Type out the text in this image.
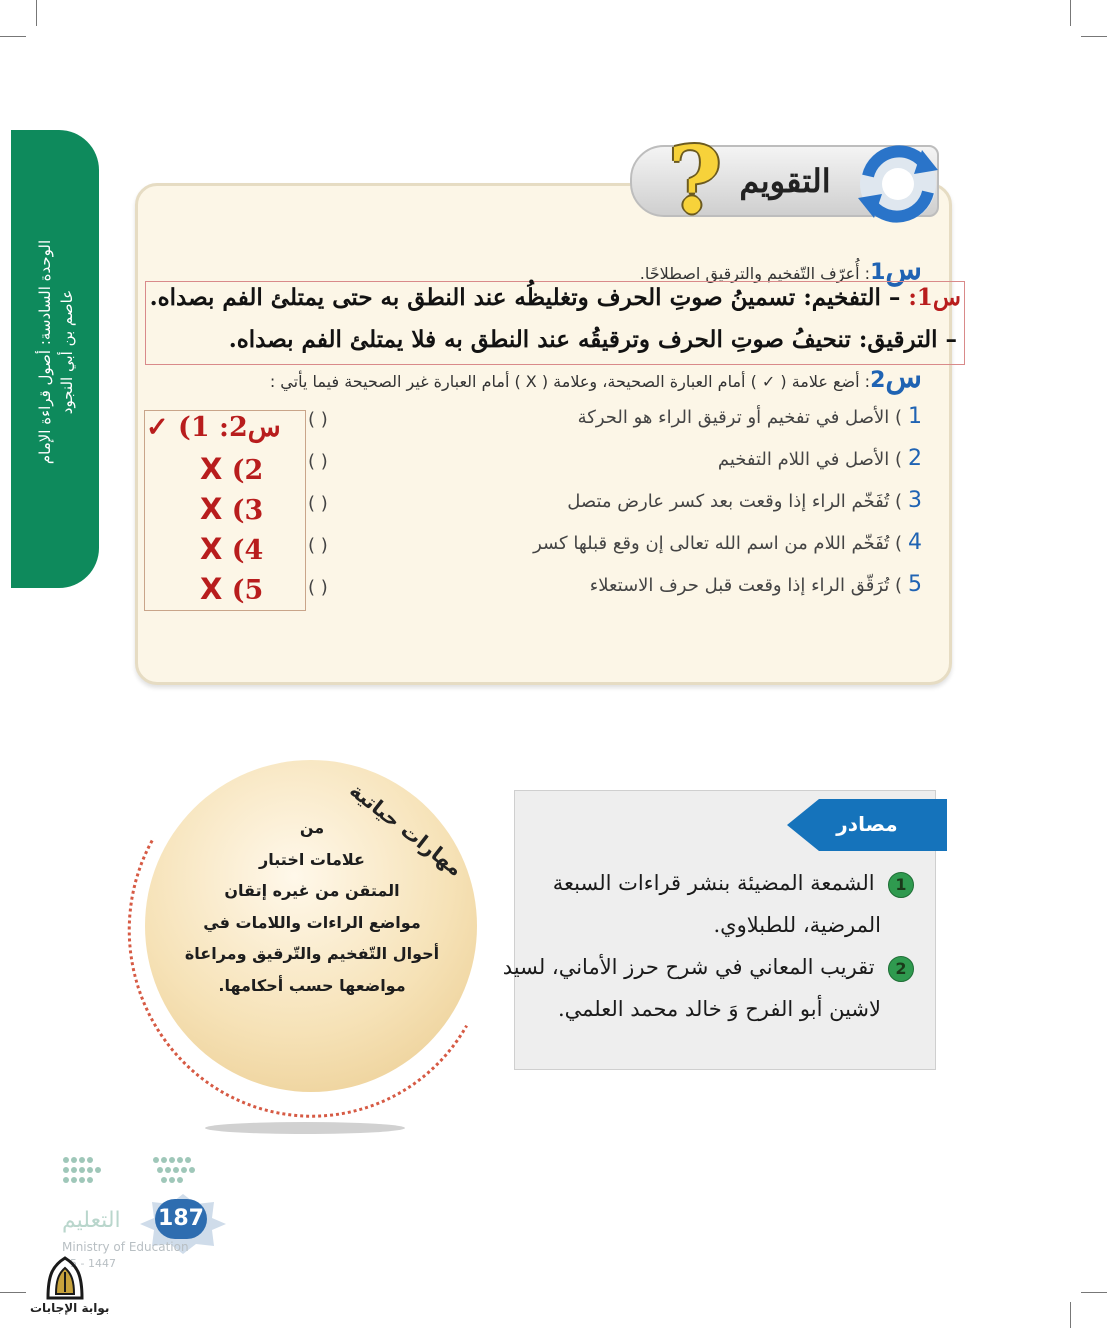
الوحدة السادسة: أصول قراءة الإمام عاصم بن أبي النجود
? التقويم
س1: أُعرّف التّفخيم والترقيق اصطلاحًا.
س1: – التفخيم: تسمينُ صوتِ الحرف وتغليظُه عند النطق به حتى يمتلئ الفم بصداه.
– الترقيق: تنحيفُ صوتِ الحرف وترقيقُه عند النطق به فلا يمتلئ الفم بصداه.
س2: أضع علامة ( ✓ ) أمام العبارة الصحيحة، وعلامة ( X ) أمام العبارة غير الصحيحة فيما يأتي :
1) الأصل في تفخيم أو ترقيق الراء هو الحركة
2) الأصل في اللام التفخيم
3) تُفَخّم الراء إذا وقعت بعد كسر عارض متصل
4) تُفَخّم اللام من اسم الله تعالى إن وقع قبلها كسر
5) تُرَقّق الراء إذا وقعت قبل حرف الاستعلاء
( )
( )
( )
( )
( )
س2: 1) ✓
2) X
3) X
4) X
5) X
مهارات حياتية
من
علامات اختبار
المتقن من غيره إتقان
مواضع الراءات واللامات في
أحوال التّفخيم والتّرقيق ومراعاة
مواضعها حسب أحكامها.
مصادر
1  الشمعة المضيئة بنشر قراءات السبعة
المرضية، للطبلاوي.
2  تقريب المعاني في شرح حرز الأماني، لسيد
لاشين أبو الفرح وَ خالد محمد العلمي.
التعليم 187
Ministry of Education
5 - 1447
بوابة الإجابات
